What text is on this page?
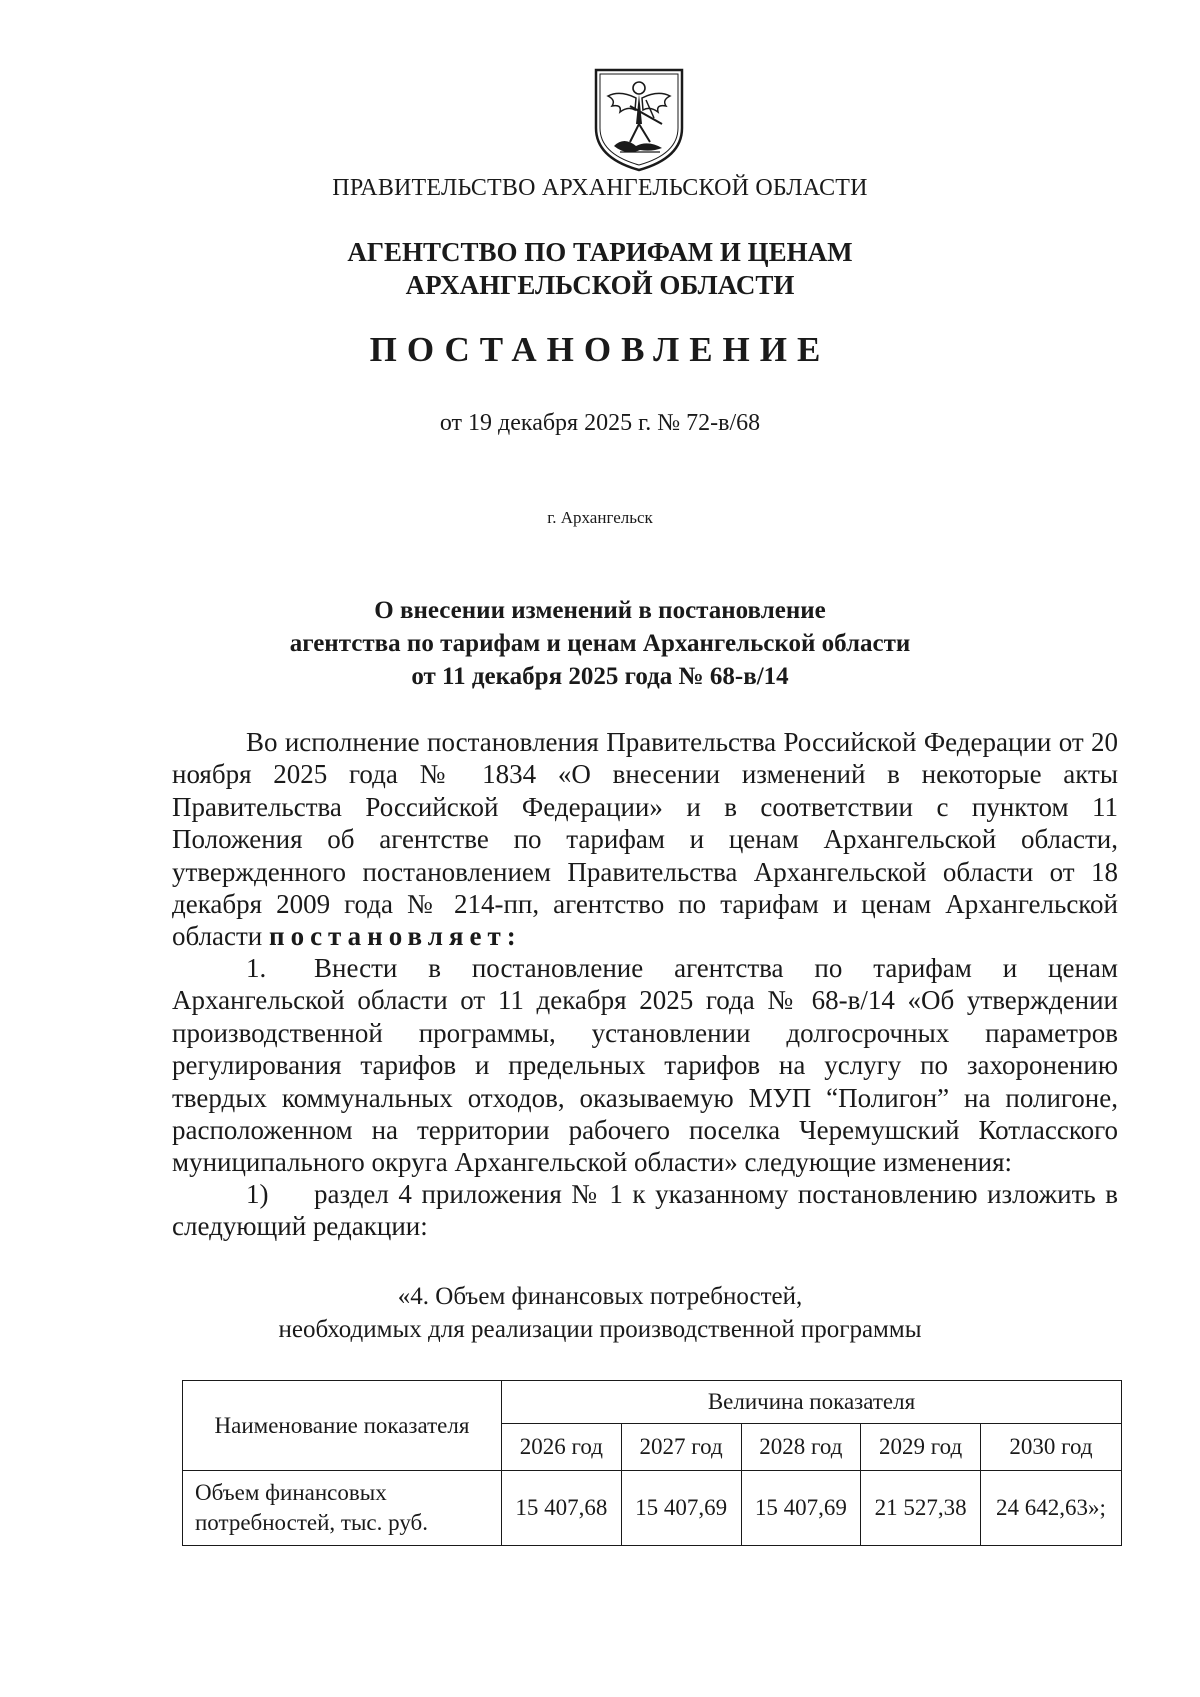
ПРАВИТЕЛЬСТВО АРХАНГЕЛЬСКОЙ ОБЛАСТИ
АГЕНТСТВО ПО ТАРИФАМ И ЦЕНАМ
АРХАНГЕЛЬСКОЙ ОБЛАСТИ
ПОСТАНОВЛЕНИЕ
от 19 декабря 2025 г. № 72-в/68
г. Архангельск
О внесении изменений в постановление
агентства по тарифам и ценам Архангельской области
от 11 декабря 2025 года № 68-в/14
Во исполнение постановления Правительства Российской Федерации от 20 ноября 2025 года № 1834 «О внесении изменений в некоторые акты Правительства Российской Федерации» и в соответствии с пунктом 11 Положения об агентстве по тарифам и ценам Архангельской области, утвержденного постановлением Правительства Архангельской области от 18 декабря 2009 года № 214-пп, агентство по тарифам и ценам Архангельской области постановляет:
1. Внести в постановление агентства по тарифам и ценам Архангельской области от 11 декабря 2025 года № 68-в/14 «Об утверждении производственной программы, установлении долгосрочных параметров регулирования тарифов и предельных тарифов на услугу по захоронению твердых коммунальных отходов, оказываемую МУП “Полигон” на полигоне, расположенном на территории рабочего поселка Черемушский Котласского муниципального округа Архангельской области» следующие изменения:
1) раздел 4 приложения № 1 к указанному постановлению изложить в следующий редакции:
«4. Объем финансовых потребностей,
необходимых для реализации производственной программы
Наименование показателя	Величина показателя				
	2026 год	2027 год	2028 год	2029 год	2030 год

Объем финансовых
потребностей, тыс. руб.	15 407,68	15 407,69	15 407,69	21 527,38	24 642,63»;
